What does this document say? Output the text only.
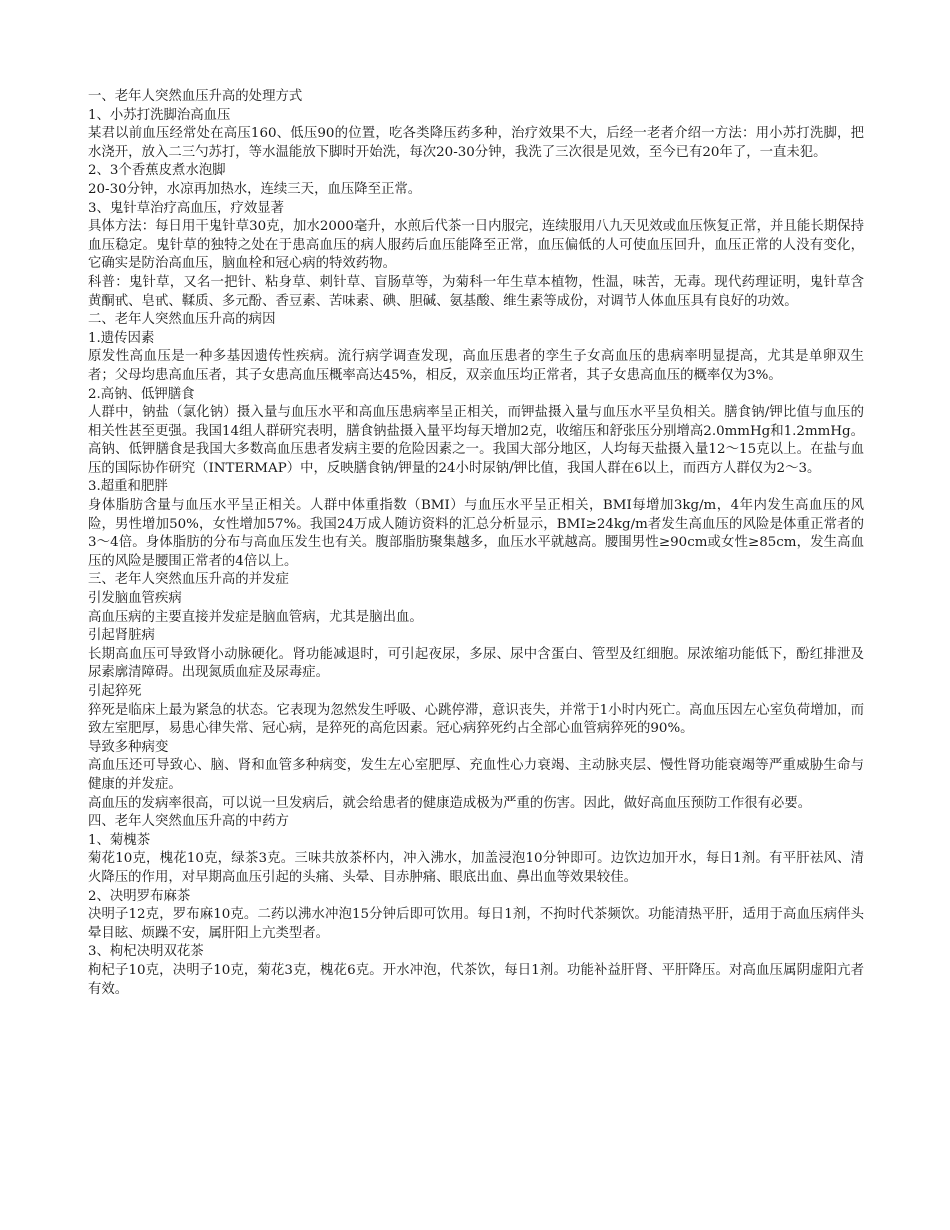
一、老年人突然血压升高的处理方式

1、小苏打洗脚治高血压

某君以前血压经常处在高压160、低压90的位置，吃各类降压药多种，治疗效果不大，后经一老者介绍一方法：用小苏打洗脚，把水浇开，放入二三勺苏打，等水温能放下脚时开始洗，每次20-30分钟，我洗了三次很是见效，至今已有20年了，一直未犯。

2、3个香蕉皮煮水泡脚

20-30分钟，水凉再加热水，连续三天，血压降至正常。

3、鬼针草治疗高血压，疗效显著

具体方法：每日用干鬼针草30克，加水2000毫升，水煎后代茶一日内服完，连续服用八九天见效或血压恢复正常，并且能长期保持血压稳定。鬼针草的独特之处在于患高血压的病人服药后血压能降至正常，血压偏低的人可使血压回升，血压正常的人没有变化，它确实是防治高血压，脑血栓和冠心病的特效药物。

科普：鬼针草，又名一把针、粘身草、刺针草、盲肠草等，为菊科一年生草本植物，性温，味苦，无毒。现代药理证明，鬼针草含黄酮甙、皂甙、鞣质、多元酚、香豆素、苦味素、碘、胆碱、氨基酸、维生素等成份，对调节人体血压具有良好的功效。

二、老年人突然血压升高的病因

1.遗传因素

原发性高血压是一种多基因遗传性疾病。流行病学调查发现，高血压患者的孪生子女高血压的患病率明显提高，尤其是单卵双生者；父母均患高血压者，其子女患高血压概率高达45%，相反，双亲血压均正常者，其子女患高血压的概率仅为3%。

2.高钠、低钾膳食

人群中，钠盐（氯化钠）摄入量与血压水平和高血压患病率呈正相关，而钾盐摄入量与血压水平呈负相关。膳食钠/钾比值与血压的相关性甚至更强。我国14组人群研究表明，膳食钠盐摄入量平均每天增加2克，收缩压和舒张压分别增高2.0mmHg和1.2mmHg。高钠、低钾膳食是我国大多数高血压患者发病主要的危险因素之一。我国大部分地区，人均每天盐摄入量12～15克以上。在盐与血压的国际协作研究（INTERMAP）中，反映膳食钠/钾量的24小时尿钠/钾比值，我国人群在6以上，而西方人群仅为2～3。

3.超重和肥胖

身体脂肪含量与血压水平呈正相关。人群中体重指数（BMI）与血压水平呈正相关，BMI每增加3kg/m，4年内发生高血压的风险，男性增加50%，女性增加57%。我国24万成人随访资料的汇总分析显示，BMI≥24kg/m者发生高血压的风险是体重正常者的3～4倍。身体脂肪的分布与高血压发生也有关。腹部脂肪聚集越多，血压水平就越高。腰围男性≥90cm或女性≥85cm，发生高血压的风险是腰围正常者的4倍以上。

三、老年人突然血压升高的并发症

引发脑血管疾病

高血压病的主要直接并发症是脑血管病，尤其是脑出血。

引起肾脏病

长期高血压可导致肾小动脉硬化。肾功能减退时，可引起夜尿，多尿、尿中含蛋白、管型及红细胞。尿浓缩功能低下，酚红排泄及尿素廓清障碍。出现氮质血症及尿毒症。

引起猝死

猝死是临床上最为紧急的状态。它表现为忽然发生呼吸、心跳停滞，意识丧失，并常于1小时内死亡。高血压因左心室负荷增加，而致左室肥厚，易患心律失常、冠心病，是猝死的高危因素。冠心病猝死约占全部心血管病猝死的90%。

导致多种病变

高血压还可导致心、脑、肾和血管多种病变，发生左心室肥厚、充血性心力衰竭、主动脉夹层、慢性肾功能衰竭等严重威胁生命与健康的并发症。

高血压的发病率很高，可以说一旦发病后，就会给患者的健康造成极为严重的伤害。因此，做好高血压预防工作很有必要。

四、老年人突然血压升高的中药方

1、菊槐茶

菊花10克，槐花10克，绿茶3克。三味共放茶杯内，冲入沸水，加盖浸泡10分钟即可。边饮边加开水，每日1剂。有平肝祛风、清火降压的作用，对早期高血压引起的头痛、头晕、目赤肿痛、眼底出血、鼻出血等效果较佳。

2、决明罗布麻茶

决明子12克，罗布麻10克。二药以沸水冲泡15分钟后即可饮用。每日1剂，不拘时代茶频饮。功能清热平肝，适用于高血压病伴头晕目眩、烦躁不安，属肝阳上亢类型者。

3、枸杞决明双花茶

枸杞子10克，决明子10克，菊花3克，槐花6克。开水冲泡，代茶饮，每日1剂。功能补益肝肾、平肝降压。对高血压属阴虚阳亢者有效。
